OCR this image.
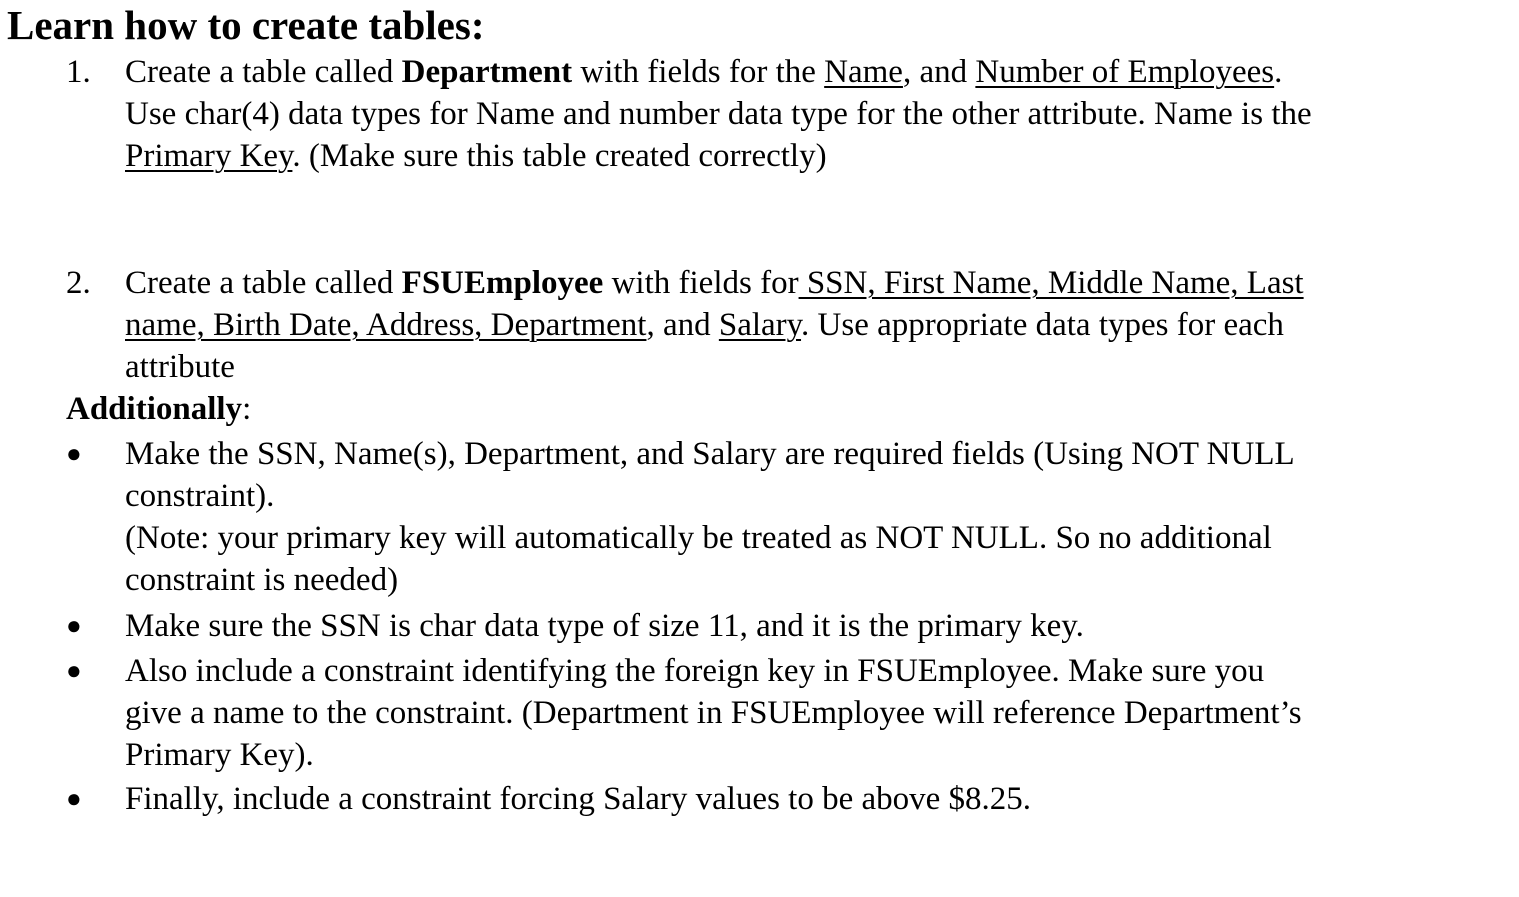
Learn how to create tables:
1. Create a table called Department with fields for the Name, and Number of Employees.
Use char(4) data types for Name and number data type for the other attribute. Name is the
Primary Key. (Make sure this table created correctly)
2. Create a table called FSUEmployee with fields for SSN, First Name, Middle Name, Last
name, Birth Date, Address, Department, and Salary. Use appropriate data types for each
attribute
Additionally:
● Make the SSN, Name(s), Department, and Salary are required fields (Using NOT NULL
constraint).
(Note: your primary key will automatically be treated as NOT NULL. So no additional
constraint is needed)
● Make sure the SSN is char data type of size 11, and it is the primary key.
● Also include a constraint identifying the foreign key in FSUEmployee. Make sure you
give a name to the constraint. (Department in FSUEmployee will reference Department’s
Primary Key).
● Finally, include a constraint forcing Salary values to be above $8.25.
